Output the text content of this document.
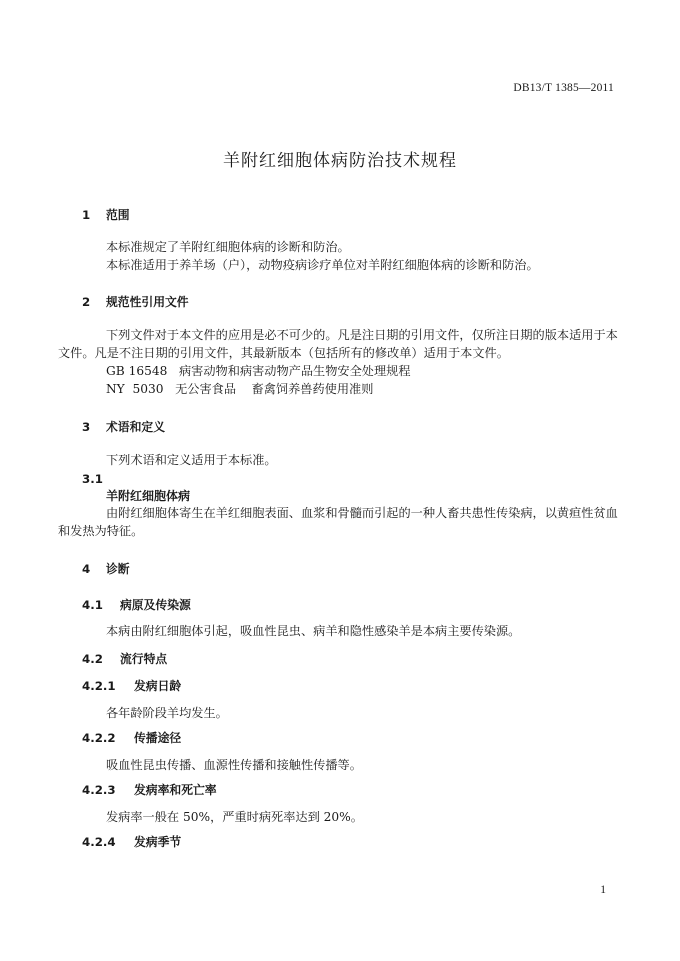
DB13/T 1385—2011
羊附红细胞体病防治技术规程
1 范围
本标准规定了羊附红细胞体病的诊断和防治。
本标准适用于养羊场（户），动物疫病诊疗单位对羊附红细胞体病的诊断和防治。
2 规范性引用文件
下列文件对于本文件的应用是必不可少的。凡是注日期的引用文件，仅所注日期的版本适用于本文件。凡是不注日期的引用文件，其最新版本（包括所有的修改单）适用于本文件。
GB 16548   病害动物和病害动物产品生物安全处理规程
NY  5030   无公害食品    畜禽饲养兽药使用准则
3 术语和定义
下列术语和定义适用于本标准。
3.1
羊附红细胞体病
由附红细胞体寄生在羊红细胞表面、血浆和骨髓而引起的一种人畜共患性传染病，以黄疸性贫血和发热为特征。
4 诊断
4.1 病原及传染源
本病由附红细胞体引起，吸血性昆虫、病羊和隐性感染羊是本病主要传染源。
4.2 流行特点
4.2.1 发病日龄
各年龄阶段羊均发生。
4.2.2 传播途径
吸血性昆虫传播、血源性传播和接触性传播等。
4.2.3 发病率和死亡率
发病率一般在 50%，严重时病死率达到 20%。
4.2.4 发病季节
1
